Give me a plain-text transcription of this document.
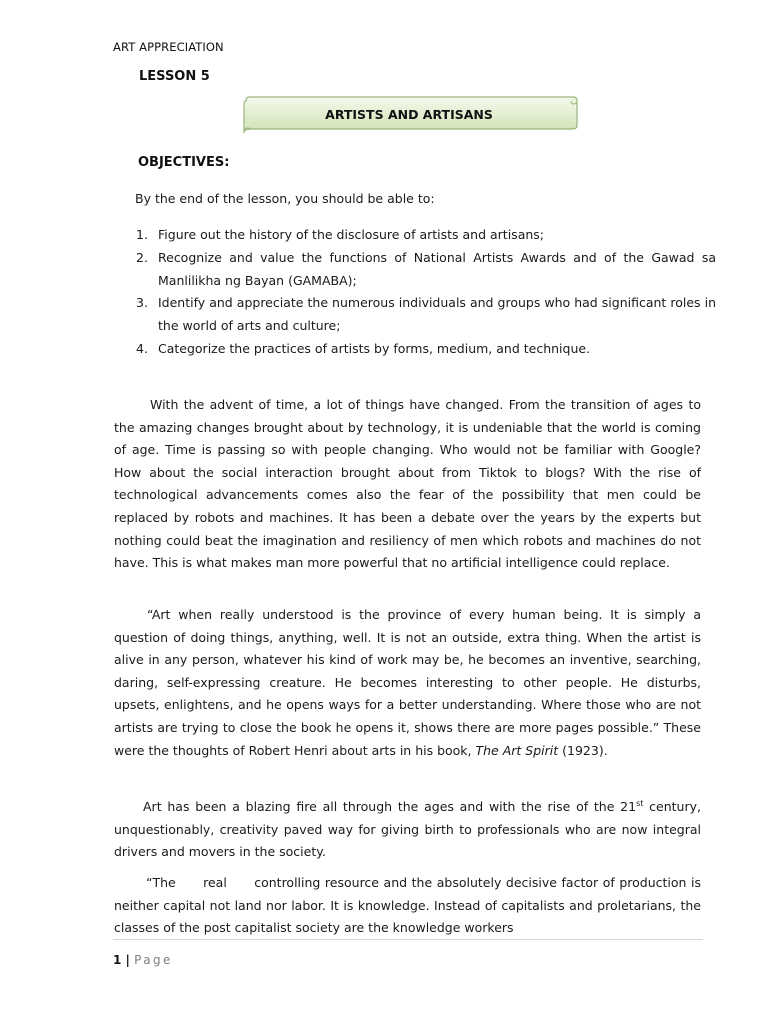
ART APPRECIATION
LESSON 5
ARTISTS AND ARTISANS
OBJECTIVES:
By the end of the lesson, you should be able to:
1. Figure out the history of the disclosure of artists and artisans;
2. Recognize and value the functions of National Artists Awards and of the Gawad sa Manlilikha ng Bayan (GAMABA);
3. Identify and appreciate the numerous individuals and groups who had significant roles in the world of arts and culture;
4. Categorize the practices of artists by forms, medium, and technique.

With the advent of time, a lot of things have changed. From the transition of ages to the amazing changes brought about by technology, it is undeniable that the world is coming of age. Time is passing so with people changing. Who would not be familiar with Google? How about the social interaction brought about from Tiktok to blogs? With the rise of technological advancements comes also the fear of the possibility that men could be replaced by robots and machines. It has been a debate over the years by the experts but nothing could beat the imagination and resiliency of men which robots and machines do not have. This is what makes man more powerful that no artificial intelligence could replace.

“Art when really understood is the province of every human being. It is simply a question of doing things, anything, well. It is not an outside, extra thing. When the artist is alive in any person, whatever his kind of work may be, he becomes an inventive, searching, daring, self-expressing creature. He becomes interesting to other people. He disturbs, upsets, enlightens, and he opens ways for a better understanding. Where those who are not artists are trying to close the book he opens it, shows there are more pages possible.” These were the thoughts of Robert Henri about arts in his book, The Art Spirit (1923).

Art has been a blazing fire all through the ages and with the rise of the 21st century, unquestionably, creativity paved way for giving birth to professionals who are now integral drivers and movers in the society.

“The      real      controlling resource and the absolutely decisive factor of production is neither capital not land nor labor. It is knowledge. Instead of capitalists and proletarians, the classes of the post capitalist society are the knowledge workers

1 | Page
